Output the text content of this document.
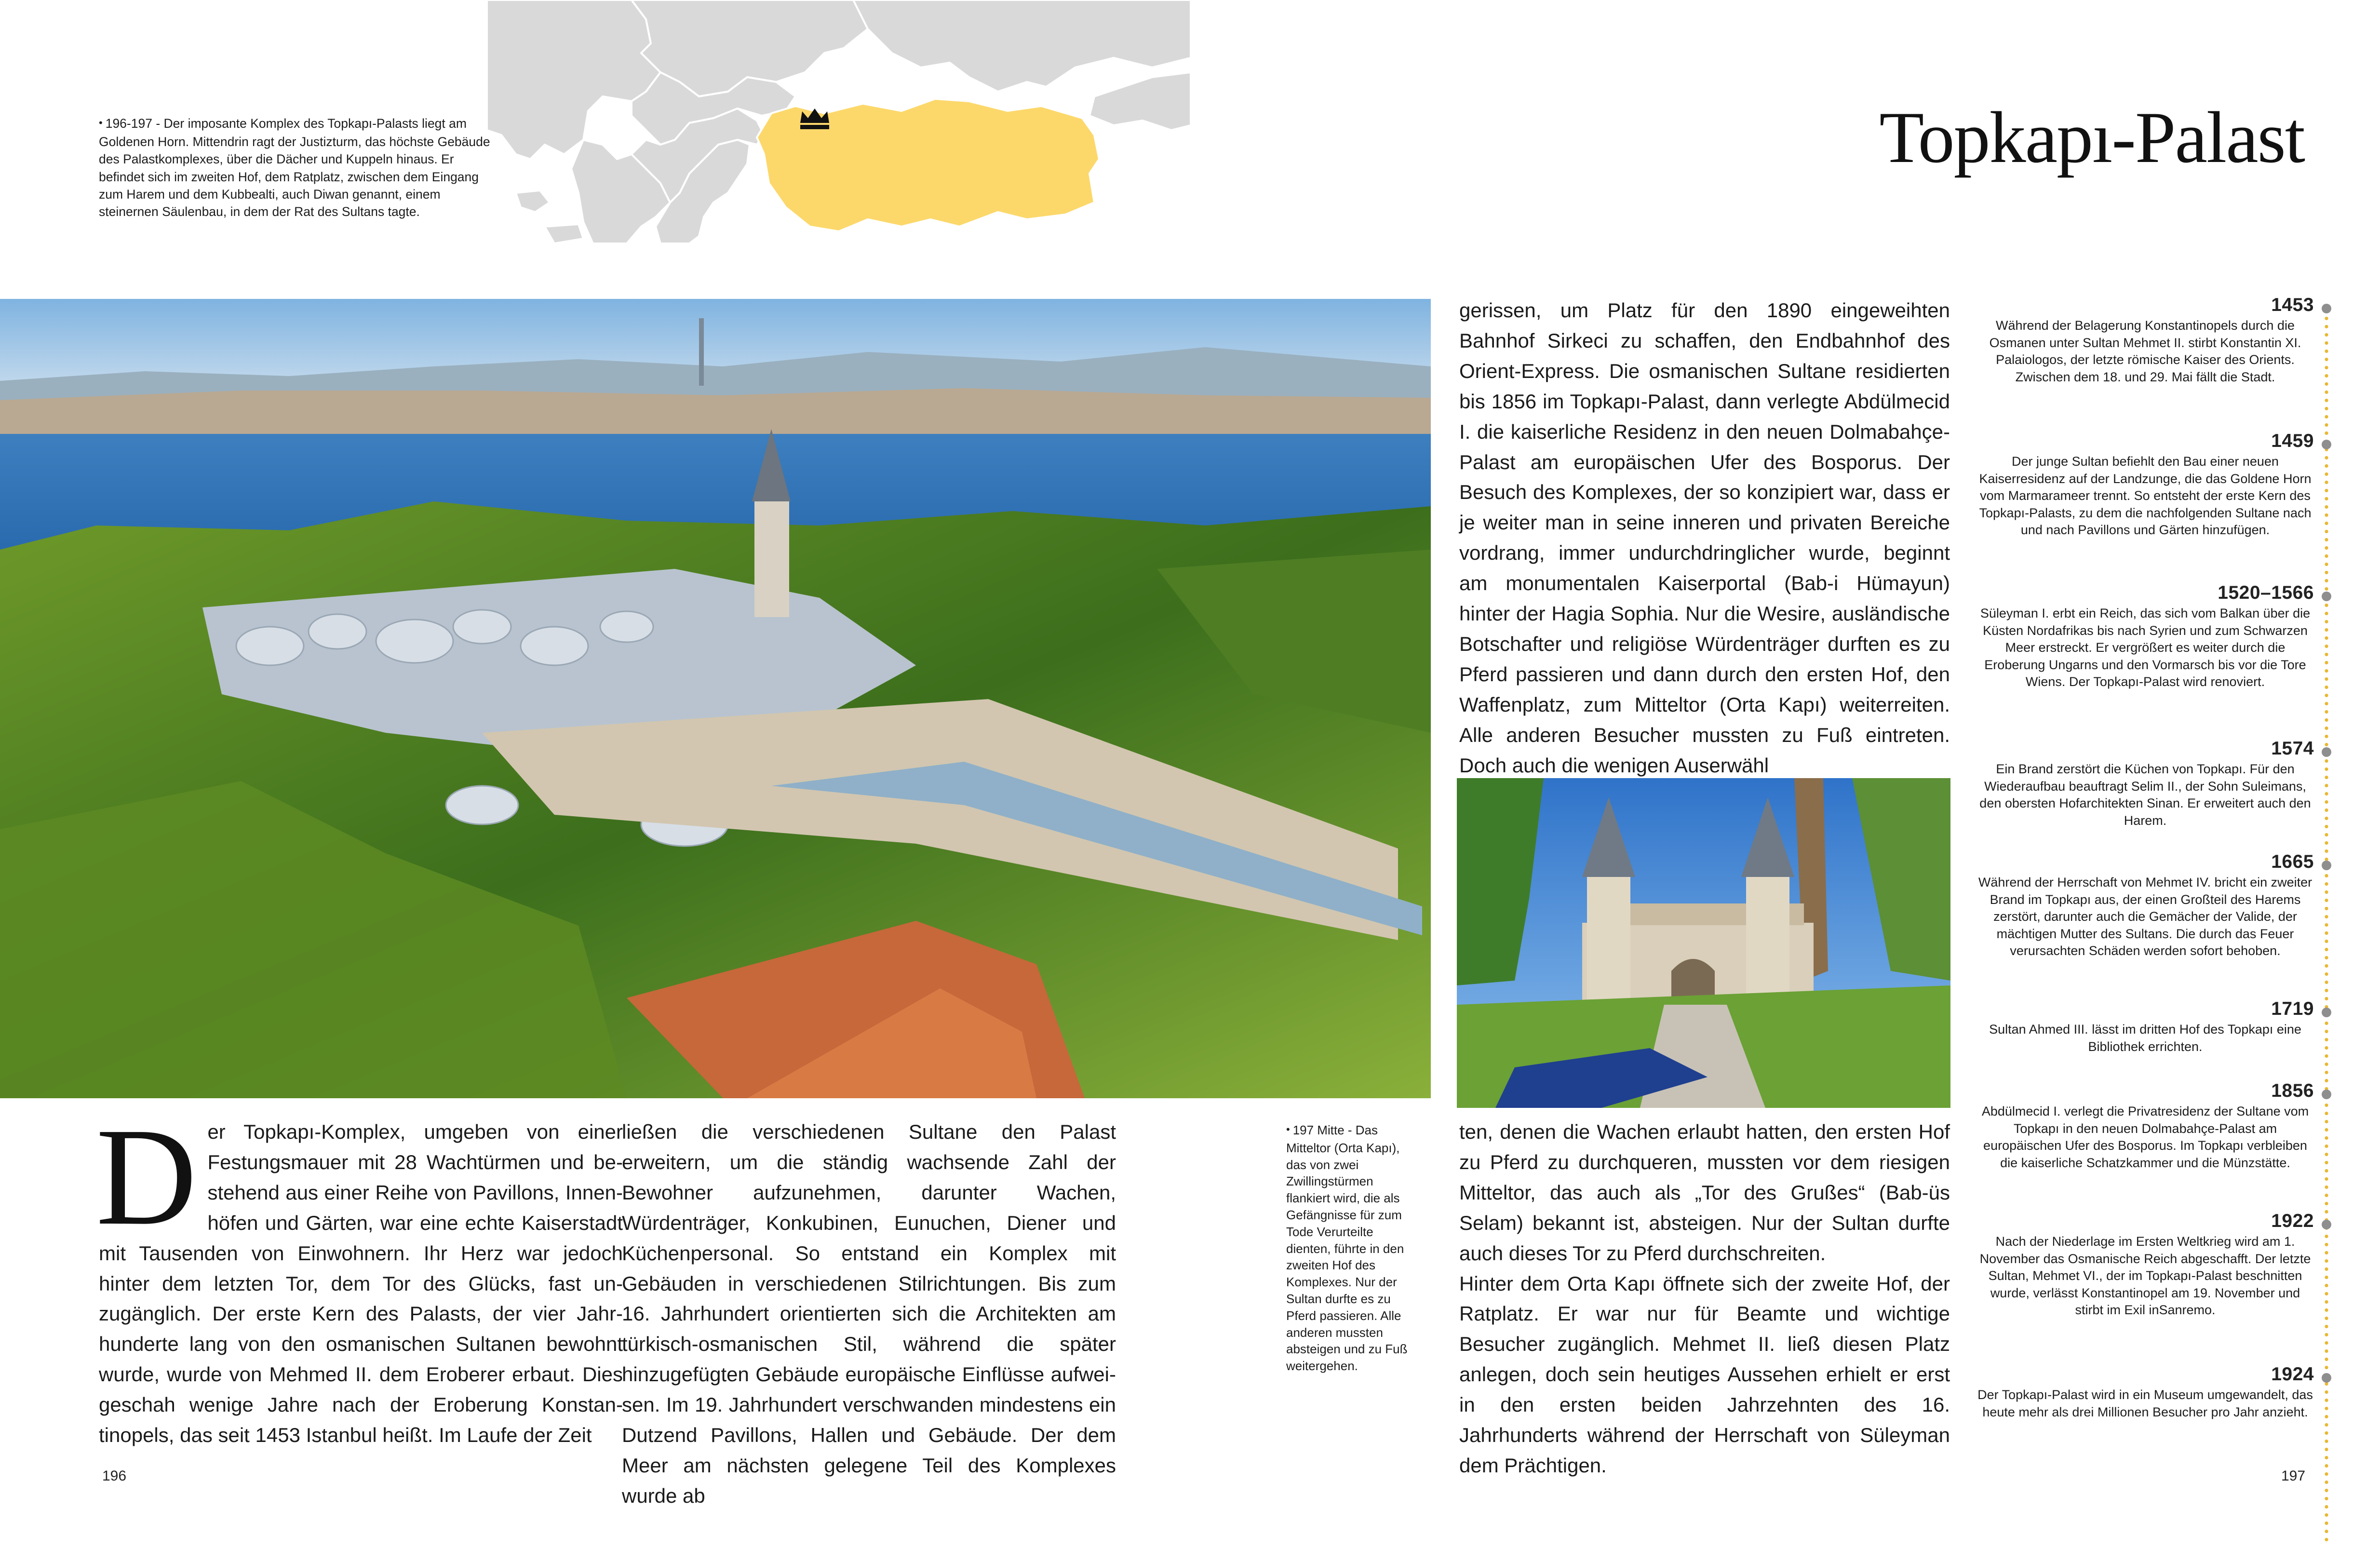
• 196-197 - Der imposante Komplex des Topkapı-Palasts liegt am Goldenen Horn. Mittendrin ragt der Justizturm, das höchste Gebäude des Palastkomplexes, über die Dächer und Kuppeln hinaus. Er befindet sich im zweiten Hof, dem Ratplatz, zwischen dem Eingang zum Harem und dem Kubbealti, auch Diwan genannt, einem steinernen Säulenbau, in dem der Rat des Sultans tagte.
Topkapı-Palast
• 197 Mitte - Das Mitteltor (Orta Kapı), das von zwei Zwillingstürmen flankiert wird, die als Gefängnisse für zum Tode Verurteilte dienten, führte in den zweiten Hof des Komplexes. Nur der Sultan durfte es zu Pferd passieren. Alle anderen mussten absteigen und zu Fuß weitergehen.

Der Topkapı-Komplex, umgeben von einer Festungsmauer mit 28 Wachtürmen und bestehend aus einer Reihe von Pavillons, Innenhöfen und Gärten, war eine echte Kaiserstadt mit Tausenden von Einwohnern. Ihr Herz war jedoch hinter dem letzten Tor, dem Tor des Glücks, fast unzugänglich. Der erste Kern des Palasts, der vier Jahrhunderte lang von den osmanischen Sultanen bewohnt wurde, wurde von Mehmed II. dem Eroberer erbaut. Dies geschah wenige Jahre nach der Eroberung Konstantinopels, das seit 1453 Istanbul heißt. Im Laufe der Zeit

ließen die verschiedenen Sultane den Palast erweitern, um die ständig wachsende Zahl der Bewohner aufzunehmen, darunter Wachen, Würdenträger, Konkubinen, Eunuchen, Diener und Küchenpersonal. So entstand ein Komplex mit Gebäuden in verschiedenen Stilrichtungen. Bis zum 16. Jahrhundert orientierten sich die Architekten am türkisch-osmanischen Stil, während die später hinzugefügten Gebäude europäische Einflüsse aufweisen. Im 19. Jahrhundert verschwanden mindestens ein Dutzend Pavillons, Hallen und Gebäude. Der dem Meer am nächsten gelegene Teil des Komplexes wurde ab

gerissen, um Platz für den 1890 eingeweihten Bahnhof Sirkeci zu schaffen, den Endbahnhof des Orient-Express. Die osmanischen Sultane residierten bis 1856 im Topkapı-Palast, dann verlegte Abdülmecid I. die kaiserliche Residenz in den neuen Dolmabahçe-Palast am europäischen Ufer des Bosporus. Der Besuch des Komplexes, der so konzipiert war, dass er je weiter man in seine inneren und privaten Bereiche vordrang, immer undurchdringlicher wurde, beginnt am monumentalen Kaiserportal (Bab-i Hümayun) hinter der Hagia Sophia. Nur die Wesire, ausländische Botschafter und religiöse Würdenträger durften es zu Pferd passieren und dann durch den ersten Hof, den Waffenplatz, zum Mitteltor (Orta Kapı) weiterreiten. Alle anderen Besucher mussten zu Fuß eintreten. Doch auch die wenigen Auserwähl

ten, denen die Wachen erlaubt hatten, den ersten Hof zu Pferd zu durchqueren, mussten vor dem riesigen Mitteltor, das auch als „Tor des Grußes“ (Bab-üs Selam) bekannt ist, absteigen. Nur der Sultan durfte auch dieses Tor zu Pferd durchschreiten.

Hinter dem Orta Kapı öffnete sich der zweite Hof, der Ratplatz. Er war nur für Beamte und wichtige Besucher zugänglich. Mehmet II. ließ diesen Platz anlegen, doch sein heutiges Aussehen erhielt er erst in den ersten beiden Jahrzehnten des 16. Jahrhunderts während der Herrschaft von Süleyman dem Prächtigen.

196	197
1453
Während der Belagerung Konstantinopels durch die Osmanen unter Sultan Mehmet II. stirbt Konstantin XI. Palaiologos, der letzte römische Kaiser des Orients. Zwischen dem 18. und 29. Mai fällt die Stadt.
1459
Der junge Sultan befiehlt den Bau einer neuen Kaiserresidenz auf der Landzunge, die das Goldene Horn vom Marmarameer trennt. So entsteht der erste Kern des Topkapı-Palasts, zu dem die nachfolgenden Sultane nach und nach Pavillons und Gärten hinzufügen.
1520–1566
Süleyman I. erbt ein Reich, das sich vom Balkan über die Küsten Nordafrikas bis nach Syrien und zum Schwarzen Meer erstreckt. Er vergrößert es weiter durch die Eroberung Ungarns und den Vormarsch bis vor die Tore Wiens. Der Topkapı-Palast wird renoviert.
1574
Ein Brand zerstört die Küchen von Topkapı. Für den Wiederaufbau beauftragt Selim II., der Sohn Suleimans, den obersten Hofarchitekten Sinan. Er erweitert auch den Harem.
1665
Während der Herrschaft von Mehmet IV. bricht ein zweiter Brand im Topkapı aus, der einen Großteil des Harems zerstört, darunter auch die Gemächer der Valide, der mächtigen Mutter des Sultans. Die durch das Feuer verursachten Schäden werden sofort behoben.
1719
Sultan Ahmed III. lässt im dritten Hof des Topkapı eine Bibliothek errichten.
1856
Abdülmecid I. verlegt die Privatresidenz der Sultane vom Topkapı in den neuen Dolmabahçe-Palast am europäischen Ufer des Bosporus. Im Topkapı verbleiben die kaiserliche Schatzkammer und die Münzstätte.
1922
Nach der Niederlage im Ersten Weltkrieg wird am 1. November das Osmanische Reich abgeschafft. Der letzte Sultan, Mehmet VI., der im Topkapı-Palast beschnitten wurde, verlässt Konstantinopel am 19. November und stirbt im Exil inSanremo.
1924
Der Topkapı-Palast wird in ein Museum umgewandelt, das heute mehr als drei Millionen Besucher pro Jahr anzieht.
